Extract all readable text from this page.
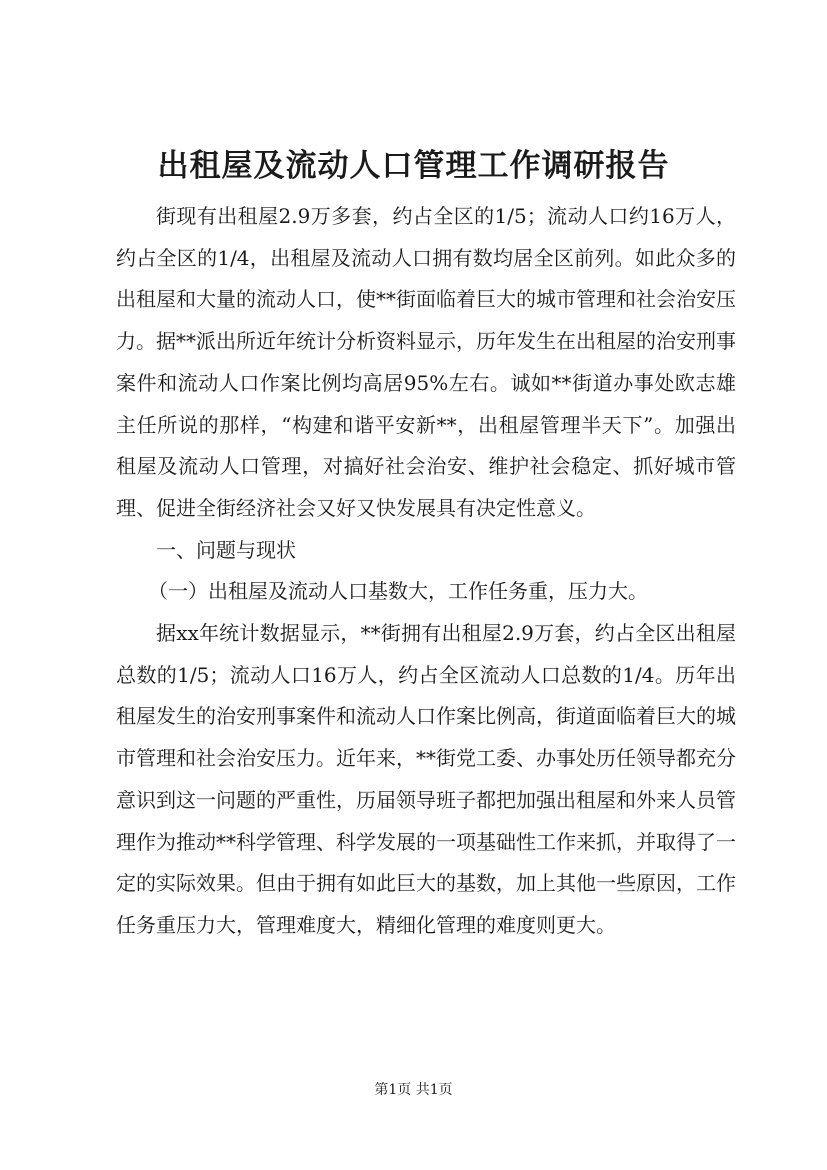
出租屋及流动人口管理工作调研报告

街现有出租屋2.9万多套，约占全区的1/5；流动人口约16万人，约占全区的1/4，出租屋及流动人口拥有数均居全区前列。如此众多的出租屋和大量的流动人口，使**街面临着巨大的城市管理和社会治安压力。据**派出所近年统计分析资料显示，历年发生在出租屋的治安刑事案件和流动人口作案比例均高居95%左右。诚如**街道办事处欧志雄主任所说的那样，“构建和谐平安新**，出租屋管理半天下”。加强出租屋及流动人口管理，对搞好社会治安、维护社会稳定、抓好城市管理、促进全街经济社会又好又快发展具有决定性意义。

一、问题与现状

（一）出租屋及流动人口基数大，工作任务重，压力大。

据xx年统计数据显示，**街拥有出租屋2.9万套，约占全区出租屋总数的1/5；流动人口16万人，约占全区流动人口总数的1/4。历年出租屋发生的治安刑事案件和流动人口作案比例高，街道面临着巨大的城市管理和社会治安压力。近年来，**街党工委、办事处历任领导都充分意识到这一问题的严重性，历届领导班子都把加强出租屋和外来人员管理作为推动**科学管理、科学发展的一项基础性工作来抓，并取得了一定的实际效果。但由于拥有如此巨大的基数，加上其他一些原因，工作任务重压力大，管理难度大，精细化管理的难度则更大。

第1页 共1页
